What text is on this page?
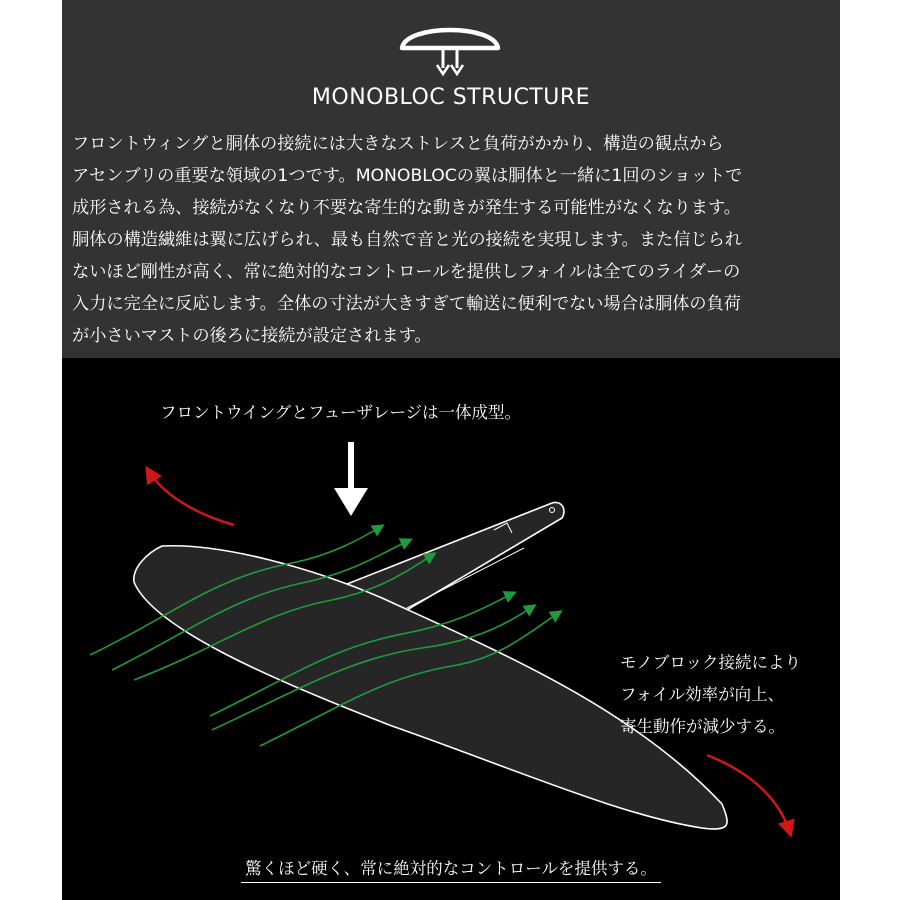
MONOBLOC STRUCTURE
フロントウィングと胴体の接続には大きなストレスと負荷がかかり、構造の観点から
アセンブリの重要な領域の1つです。MONOBLOCの翼は胴体と一緒に1回のショットで
成形される為、接続がなくなり不要な寄生的な動きが発生する可能性がなくなります。
胴体の構造繊維は翼に広げられ、最も自然で音と光の接続を実現します。また信じられ
ないほど剛性が高く、常に絶対的なコントロールを提供しフォイルは全てのライダーの
入力に完全に反応します。全体の寸法が大きすぎて輸送に便利でない場合は胴体の負荷
が小さいマストの後ろに接続が設定されます。
フロントウイングとフューザレージは一体成型。
モノブロック接続により
フォイル効率が向上、
寄生動作が減少する。
驚くほど硬く、常に絶対的なコントロールを提供する。
